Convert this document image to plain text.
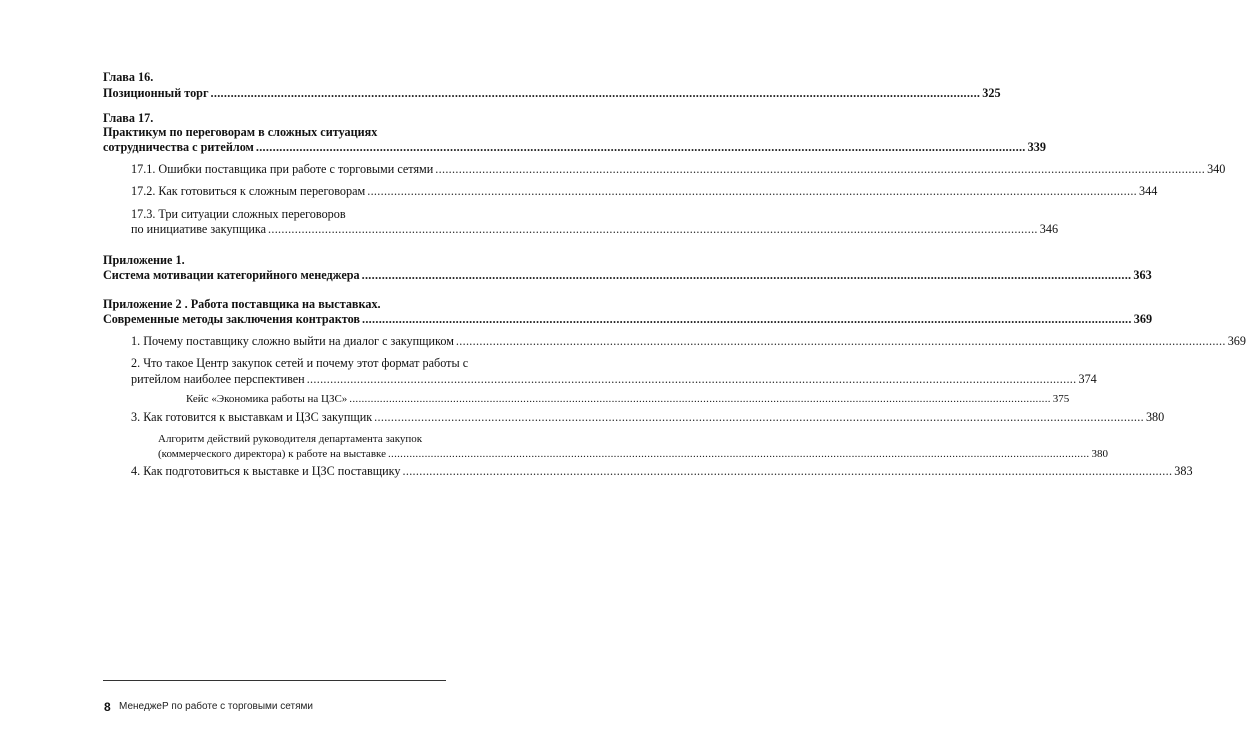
Глава 16.
Позиционный торг ...................................................................................................................................................................................................................................... 325
Глава 17.
Практикум по переговорам в сложных ситуациях
сотрудничества с ритейлом ...................................................................................................................................................................................................................................... 339
17.1. Ошибки поставщика при работе с торговыми сетями ...................................................................................................................................................................................................................................... 340
17.2. Как готовиться к сложным переговорам ...................................................................................................................................................................................................................................... 344
17.3. Три ситуации сложных переговоров
по инициативе закупщика ...................................................................................................................................................................................................................................... 346
Приложение 1.
Система мотивации категорийного менеджера ...................................................................................................................................................................................................................................... 363
Приложение 2 . Работа поставщика на выставках.
Современные методы заключения контрактов ...................................................................................................................................................................................................................................... 369
1. Почему поставщику сложно выйти на диалог с закупщиком ...................................................................................................................................................................................................................................... 369
2. Что такое Центр закупок сетей и почему этот формат работы с
ритейлом наиболее перспективен ...................................................................................................................................................................................................................................... 374
Кейс «Экономика работы на ЦЗС» ...................................................................................................................................................................................................................................... 375
3. Как готовится к выставкам и ЦЗС закупщик ...................................................................................................................................................................................................................................... 380
Алгоритм действий руководителя департамента закупок
(коммерческого директора) к работе на выставке ...................................................................................................................................................................................................................................... 380
4. Как подготовиться к выставке и ЦЗС поставщику ...................................................................................................................................................................................................................................... 383
8 МенеджеР по работе с торговыми сетями
